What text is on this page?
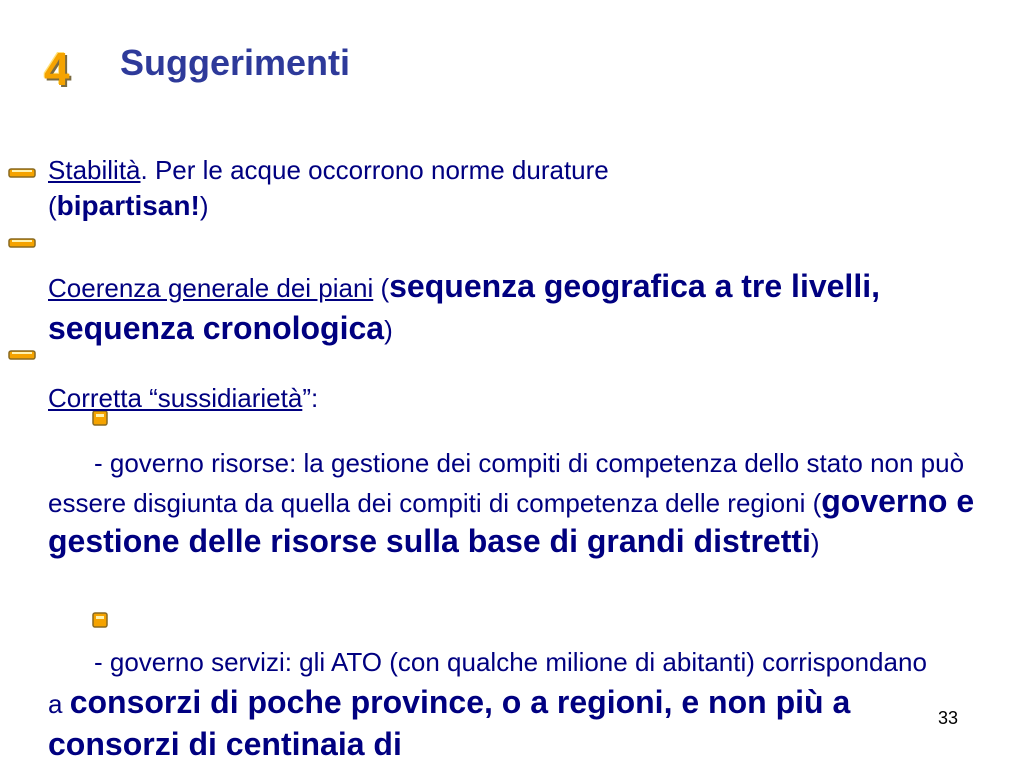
4 Suggerimenti
Stabilità. Per le acque occorrono norme durature
(bipartisan!)
Coerenza generale dei piani (sequenza geografica a tre livelli, sequenza cronologica)
Corretta “sussidiarietà”:
- governo risorse: la gestione dei compiti di competenza dello stato non può essere disgiunta da quella dei compiti di competenza delle regioni (governo e gestione delle risorse sulla base di grandi distretti)
- governo servizi: gli ATO (con qualche milione di abitanti) corrispondano a consorzi di poche province, o a regioni, e non più a consorzi di centinaia di
33
